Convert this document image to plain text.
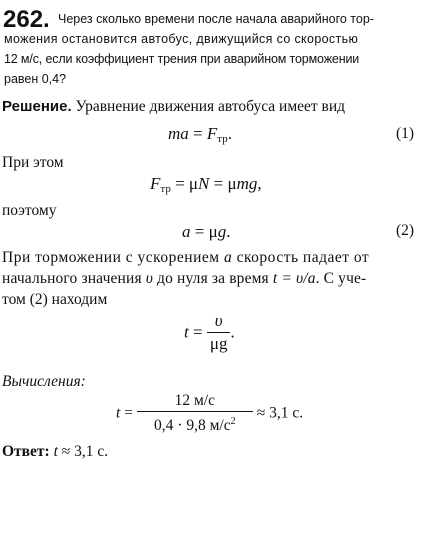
262. Через сколько времени после начала аварийного тор-
можения остановится автобус, движущийся со скоростью
12 м/с, если коэффициент трения при аварийном торможении
равен 0,4?
Решение. Уравнение движения автобуса имеет вид
ma = $F_{тр}$.	(1)
При этом
$F_{тр} = \mu N = \mu mg$,
поэтому
a = μg.	(2)
При торможении с ускорением a скорость падает от
начального значения υ до нуля за время t = υ/a. С уче-
том (2) находим
$t = \frac{\upsilon}{\mu g}$ .
Вычисления:
$t = \frac{12 м/с}{0,4 \cdot 9,8 м/с^2} \approx 3,1$ с.
Ответ: t ≈ 3,1 с.
